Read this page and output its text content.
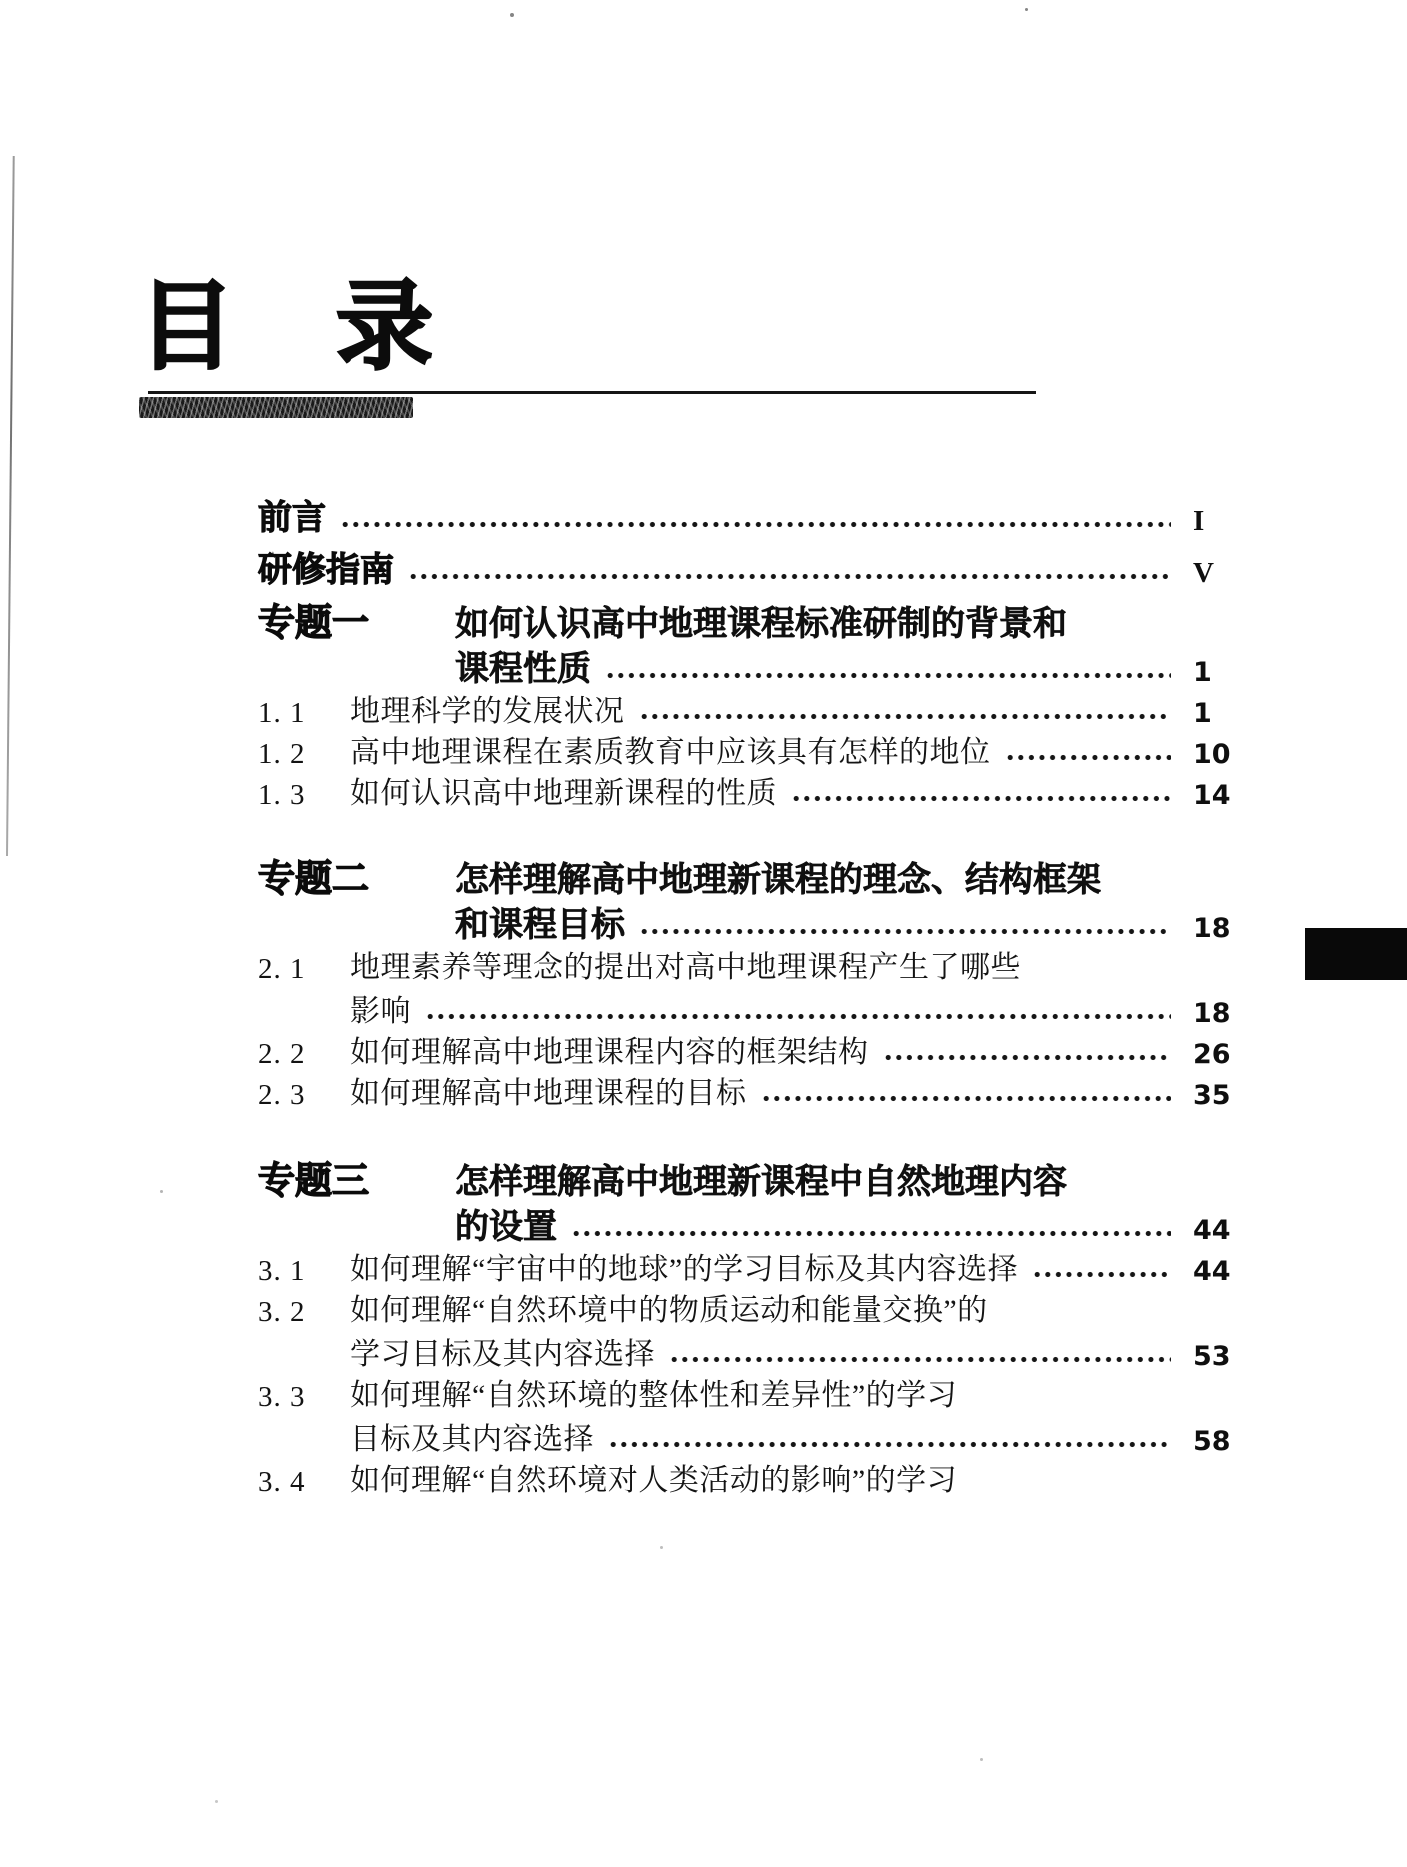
目　录
前言	I
研修指南	V
专题一	如何认识高中地理课程标准研制的背景和
课程性质	1
1. 1	地理科学的发展状况	1
1. 2	高中地理课程在素质教育中应该具有怎样的地位	10
1. 3	如何认识高中地理新课程的性质	14
专题二	怎样理解高中地理新课程的理念、结构框架
和课程目标	18
2. 1	地理素养等理念的提出对高中地理课程产生了哪些
影响	18
2. 2	如何理解高中地理课程内容的框架结构	26
2. 3	如何理解高中地理课程的目标	35
专题三	怎样理解高中地理新课程中自然地理内容
的设置	44
3. 1	如何理解“宇宙中的地球”的学习目标及其内容选择	44
3. 2	如何理解“自然环境中的物质运动和能量交换”的
学习目标及其内容选择	53
3. 3	如何理解“自然环境的整体性和差异性”的学习
目标及其内容选择	58
3. 4	如何理解“自然环境对人类活动的影响”的学习
